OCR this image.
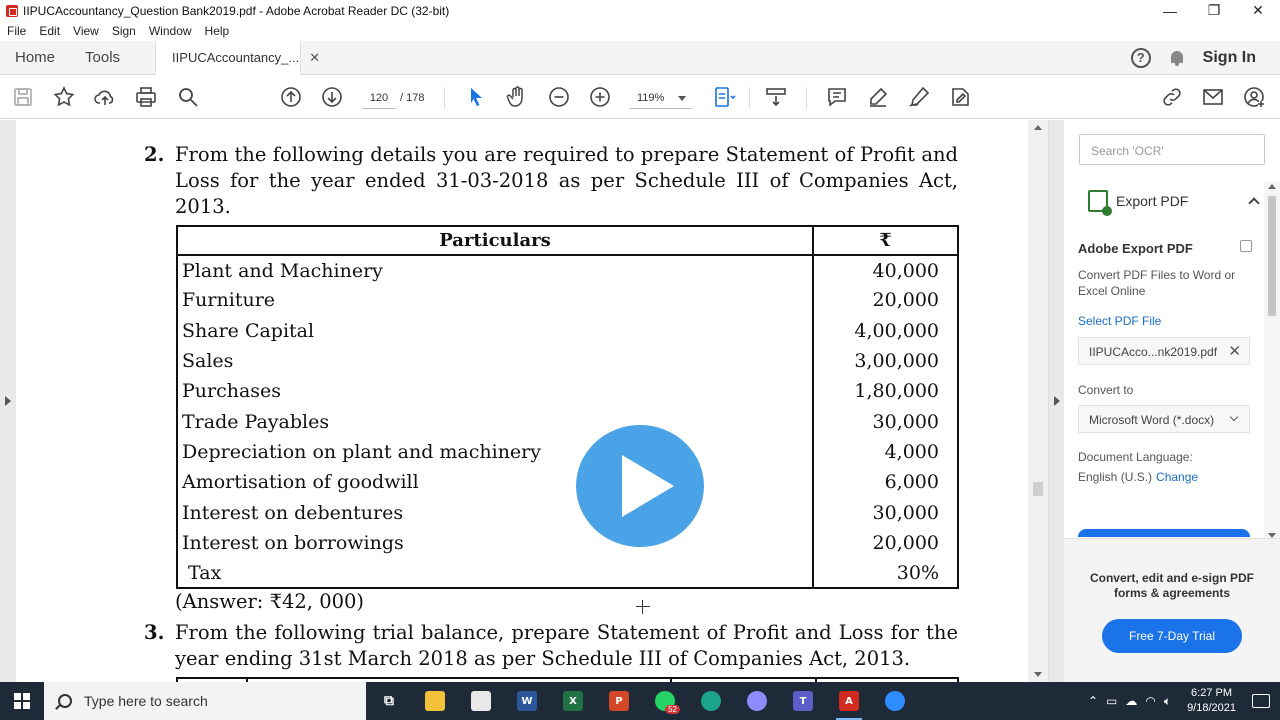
IIPUCAccountancy_Question Bank2019.pdf - Adobe Acrobat Reader DC (32-bit)	—	❐	✕
File Edit View Sign Window Help
Home	Tools	IIPUCAccountancy_... ✕	?	Sign In
120	/ 178	119%
2. From the following details you are required to prepare Statement of Profit and Loss for the year ended 31-03-2018 as per Schedule III of Companies Act, 2013.
Particulars	₹
Plant and Machinery	40,000
Furniture	20,000
Share Capital	4,00,000
Sales	3,00,000
Purchases	1,80,000
Trade Payables	30,000
Depreciation on plant and machinery	4,000
Amortisation of goodwill	6,000
Interest on debentures	30,000
Interest on borrowings	20,000
Tax	30%
(Answer: ₹42, 000)
3. From the following trial balance, prepare Statement of Profit and Loss for the year ending 31st March 2018 as per Schedule III of Companies Act, 2013.
Search 'OCR'
Export PDF
Adobe Export PDF
Convert PDF Files to Word or Excel Online
Select PDF File
IIPUCAcco...nk2019.pdf ✕
Convert to
Microsoft Word (*.docx)
Document Language:
English (U.S.) Change
Convert, edit and e-sign PDF forms & agreements
Free 7-Day Trial
Type here to search	⧉	W	X	P
52
T	A	⌃ ▭ ☁ ◠ 🔈︎
6:27 PM
9/18/2021
